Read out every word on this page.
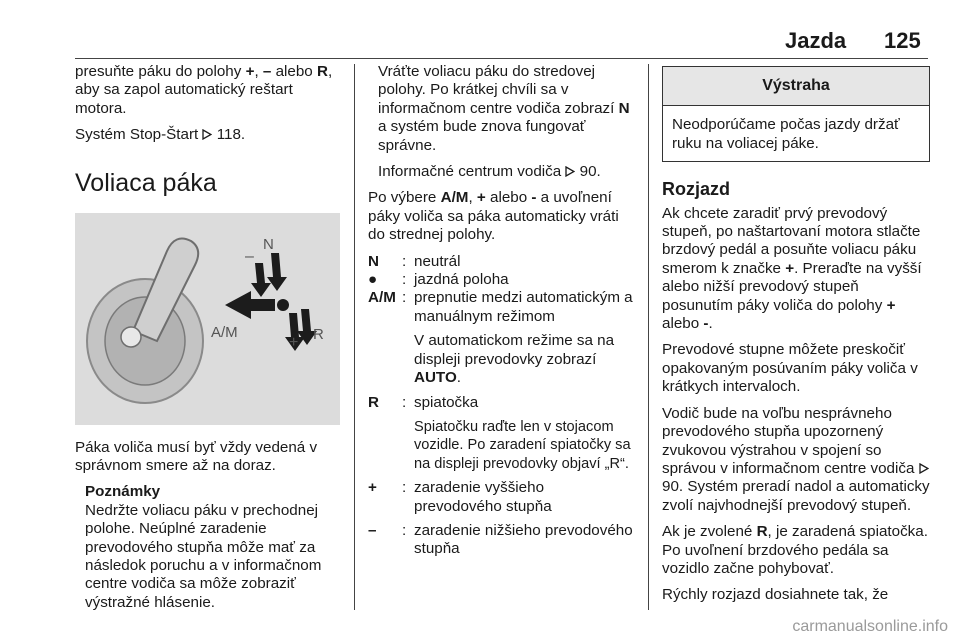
Jazda 125

presuňte páku do polohy +, – alebo R, aby sa zapol automatický reštart motora.

Systém Stop-Štart  118.

Voliaca páka
N
–
A/M
+ R

Páka voliča musí byť vždy vedená v správnom smere až na doraz.

Poznámky
Nedržte voliacu páku v prechodnej polohe. Neúplné zaradenie prevodového stupňa môže mať za následok poruchu a v informačnom centre vodiča sa môže zobraziť výstražné hlásenie.

Vráťte voliacu páku do stredovej polohy. Po krátkej chvíli sa v informačnom centre vodiča zobrazí N a systém bude znova fungovať správne.

Informačné centrum vodiča  90.

Po výbere A/M, + alebo - a uvoľnení páky voliča sa páka automaticky vráti do strednej polohy.

N	: neutrál
●	: jazdná poloha
A/M : prepnutie medzi automatickým a manuálnym režimom

V automatickom režime sa na displeji prevodovky zobrazí AUTO.

R	: spiatočka

Spiatočku raďte len v stojacom vozidle. Po zaradení spiatočky sa na displeji prevodovky objaví „R“.

+	: zaradenie vyššieho prevodového stupňa

–	: zaradenie nižšieho prevodového stupňa

Výstraha
Neodporúčame počas jazdy držať ruku na voliacej páke.
Rozjazd

Ak chcete zaradiť prvý prevodový stupeň, po naštartovaní motora stlačte brzdový pedál a posuňte voliacu páku smerom k značke +. Preraďte na vyšší alebo nižší prevodový stupeň posunutím páky voliča do polohy + alebo -.

Prevodové stupne môžete preskočiť opakovaným posúvaním páky voliča v krátkych intervaloch.

Vodič bude na voľbu nesprávneho prevodového stupňa upozornený zvukovou výstrahou v spojení so správou v informačnom centre vodiča  90. Systém preradí nadol a automaticky zvolí najvhodnejší prevodový stupeň.

Ak je zvolené R, je zaradená spiatočka. Po uvoľnení brzdového pedála sa vozidlo začne pohybovať.

Rýchly rozjazd dosiahnete tak, že

carmanualsonline.info
